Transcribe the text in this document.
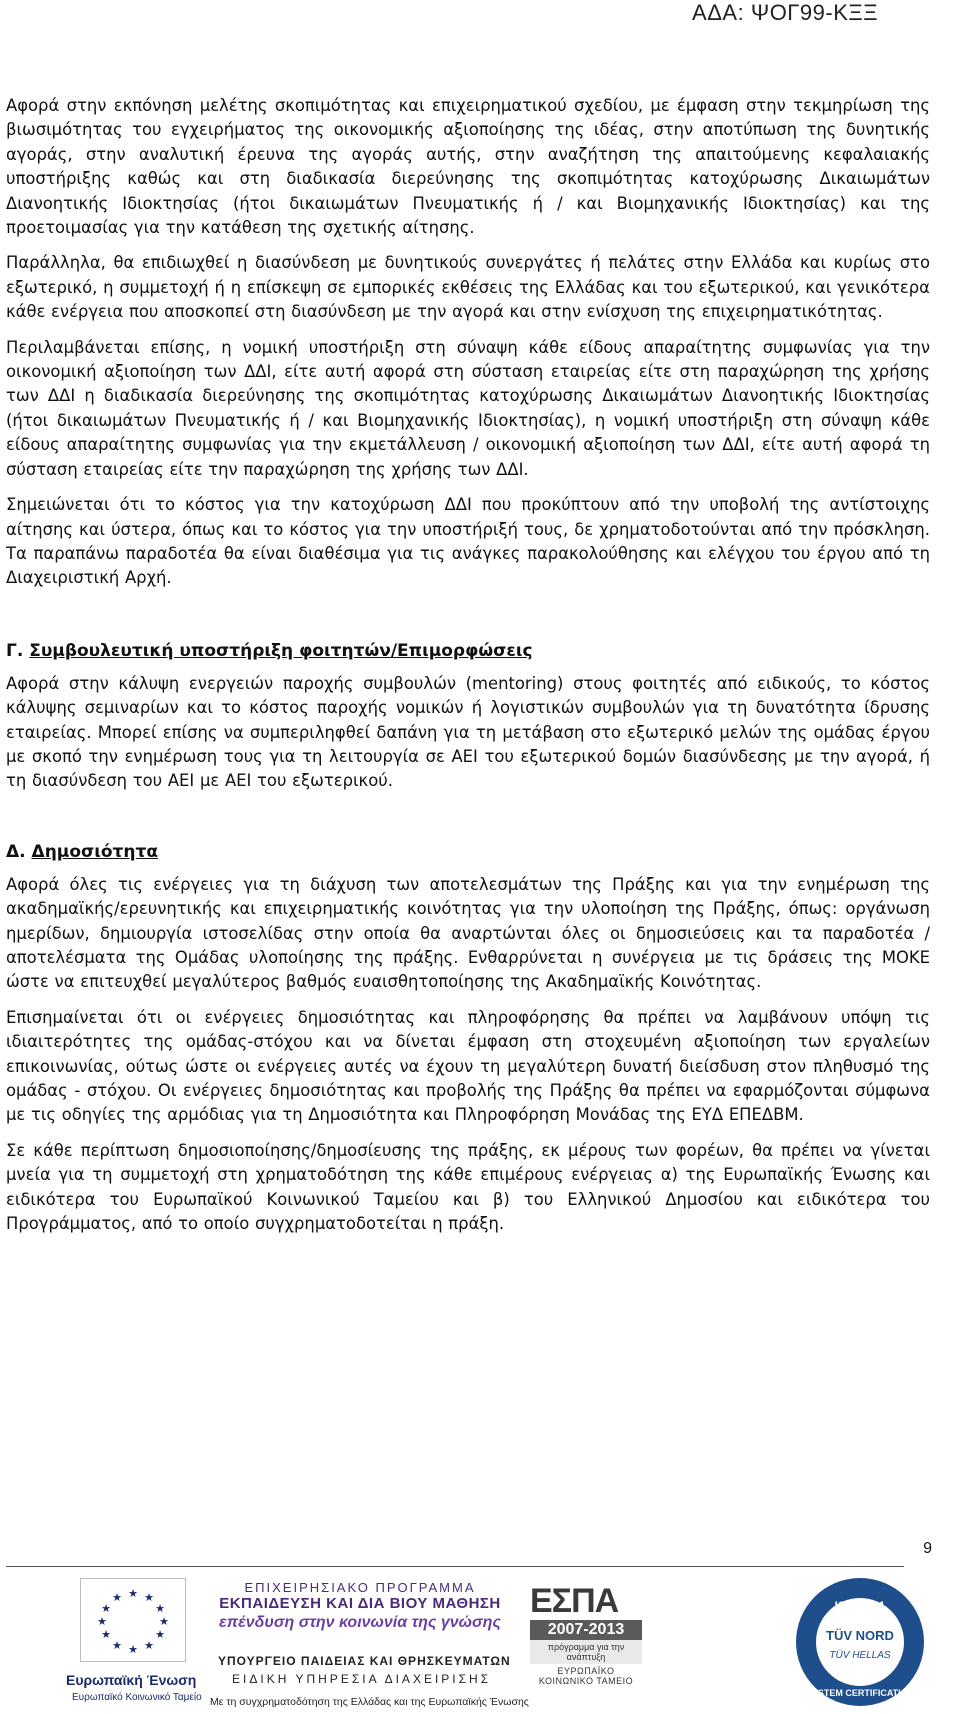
ΑΔΑ: ΨΟΓ99-ΚΞΞ

Αφορά στην εκπόνηση μελέτης σκοπιμότητας και επιχειρηματικού σχεδίου, με έμφαση στην τεκμηρίωση της βιωσιμότητας του εγχειρήματος της οικονομικής αξιοποίησης της ιδέας, στην αποτύπωση της δυνητικής αγοράς, στην αναλυτική έρευνα της αγοράς αυτής, στην αναζήτηση της απαιτούμενης κεφαλαιακής υποστήριξης καθώς και στη διαδικασία διερεύνησης της σκοπιμότητας κατοχύρωσης Δικαιωμάτων Διανοητικής Ιδιοκτησίας (ήτοι δικαιωμάτων Πνευματικής ή / και Βιομηχανικής Ιδιοκτησίας) και της προετοιμασίας για την κατάθεση της σχετικής αίτησης.

Παράλληλα, θα επιδιωχθεί η διασύνδεση με δυνητικούς συνεργάτες ή πελάτες στην Ελλάδα και κυρίως στο εξωτερικό, η συμμετοχή ή η επίσκεψη σε εμπορικές εκθέσεις της Ελλάδας και του εξωτερικού, και γενικότερα κάθε ενέργεια που αποσκοπεί στη διασύνδεση με την αγορά και στην ενίσχυση της επιχειρηματικότητας.

Περιλαμβάνεται επίσης, η νομική υποστήριξη στη σύναψη κάθε είδους απαραίτητης συμφωνίας για την οικονομική αξιοποίηση των ΔΔΙ, είτε αυτή αφορά στη σύσταση εταιρείας είτε στη παραχώρηση της χρήσης των ΔΔΙ η διαδικασία διερεύνησης της σκοπιμότητας κατοχύρωσης Δικαιωμάτων Διανοητικής Ιδιοκτησίας (ήτοι δικαιωμάτων Πνευματικής ή / και Βιομηχανικής Ιδιοκτησίας), η νομική υποστήριξη στη σύναψη κάθε είδους απαραίτητης συμφωνίας για την εκμετάλλευση / οικονομική αξιοποίηση των ΔΔΙ, είτε αυτή αφορά τη σύσταση εταιρείας είτε την παραχώρηση της χρήσης των ΔΔΙ.

Σημειώνεται ότι το κόστος για την κατοχύρωση ΔΔΙ που προκύπτουν από την υποβολή της αντίστοιχης αίτησης και ύστερα, όπως και το κόστος για την υποστήριξή τους, δε χρηματοδοτούνται από την πρόσκληση. Τα παραπάνω παραδοτέα θα είναι διαθέσιμα για τις ανάγκες παρακολούθησης και ελέγχου του έργου από τη Διαχειριστική Αρχή.

Γ. Συμβουλευτική υποστήριξη φοιτητών/Επιμορφώσεις

Αφορά στην κάλυψη ενεργειών παροχής συμβουλών (mentoring) στους φοιτητές από ειδικούς, το κόστος κάλυψης σεμιναρίων και το κόστος παροχής νομικών ή λογιστικών συμβουλών για τη δυνατότητα ίδρυσης εταιρείας. Μπορεί επίσης να συμπεριληφθεί δαπάνη για τη μετάβαση στο εξωτερικό μελών της ομάδας έργου με σκοπό την ενημέρωση τους για τη λειτουργία σε ΑΕΙ του εξωτερικού δομών διασύνδεσης με την αγορά, ή τη διασύνδεση του ΑΕΙ με ΑΕΙ του εξωτερικού.

Δ. Δημοσιότητα

Αφορά όλες τις ενέργειες για τη διάχυση των αποτελεσμάτων της Πράξης και για την ενημέρωση της ακαδημαϊκής/ερευνητικής και επιχειρηματικής κοινότητας για την υλοποίηση της Πράξης, όπως: οργάνωση ημερίδων, δημιουργία ιστοσελίδας στην οποία θα αναρτώνται όλες οι δημοσιεύσεις και τα παραδοτέα /αποτελέσματα της Ομάδας υλοποίησης της πράξης. Ενθαρρύνεται η συνέργεια με τις δράσεις της ΜΟΚΕ ώστε να επιτευχθεί μεγαλύτερος βαθμός ευαισθητοποίησης της Ακαδημαϊκής Κοινότητας.

Επισημαίνεται ότι οι ενέργειες δημοσιότητας και πληροφόρησης θα πρέπει να λαμβάνουν υπόψη τις ιδιαιτερότητες της ομάδας-στόχου και να δίνεται έμφαση στη στοχευμένη αξιοποίηση των εργαλείων επικοινωνίας, ούτως ώστε οι ενέργειες αυτές να έχουν τη μεγαλύτερη δυνατή διείσδυση στον πληθυσμό της ομάδας - στόχου. Οι ενέργειες δημοσιότητας και προβολής της Πράξης θα πρέπει να εφαρμόζονται σύμφωνα με τις οδηγίες της αρμόδιας για τη Δημοσιότητα και Πληροφόρηση Μονάδας της ΕΥΔ ΕΠΕΔΒΜ.

Σε κάθε περίπτωση δημοσιοποίησης/δημοσίευσης της πράξης, εκ μέρους των φορέων, θα πρέπει να γίνεται μνεία για τη συμμετοχή στη χρηματοδότηση της κάθε επιμέρους ενέργειας α) της Ευρωπαϊκής Ένωσης και ειδικότερα του Ευρωπαϊκού Κοινωνικού Ταμείου και β) του Ελληνικού Δημοσίου και ειδικότερα του Προγράμματος, από το οποίο συγχρηματοδοτείται η πράξη.

9
★ ★
★
★
★
★
★
★
★
★
★
★
Ευρωπαϊκή Ένωση
Ευρωπαϊκό Κοινωνικό Ταμείο
ΕΠΙΧΕΙΡΗΣΙΑΚΟ ΠΡΟΓΡΑΜΜΑ
ΕΚΠΑΙΔΕΥΣΗ ΚΑΙ ΔΙΑ ΒΙΟΥ ΜΑΘΗΣΗ
επένδυση στην κοινωνία της γνώσης
ΥΠΟΥΡΓΕΙΟ ΠΑΙΔΕΙΑΣ ΚΑΙ ΘΡΗΣΚΕΥΜΑΤΩΝ
ΕΙΔΙΚΗ ΥΠΗΡΕΣΙΑ ΔΙΑΧΕΙΡΙΣΗΣ
Με τη συγχρηματοδότηση της Ελλάδας και της Ευρωπαϊκής Ένωσης
ΕΣΠΑ
2007-2013
πρόγραμμα για την ανάπτυξη
ΕΥΡΩΠΑΪΚΟ ΚΟΙΝΩΝΙΚΟ ΤΑΜΕΙΟ
ISO 9001
TÜV NORD
TÜV HELLAS
SYSTEM CERTIFICATION
